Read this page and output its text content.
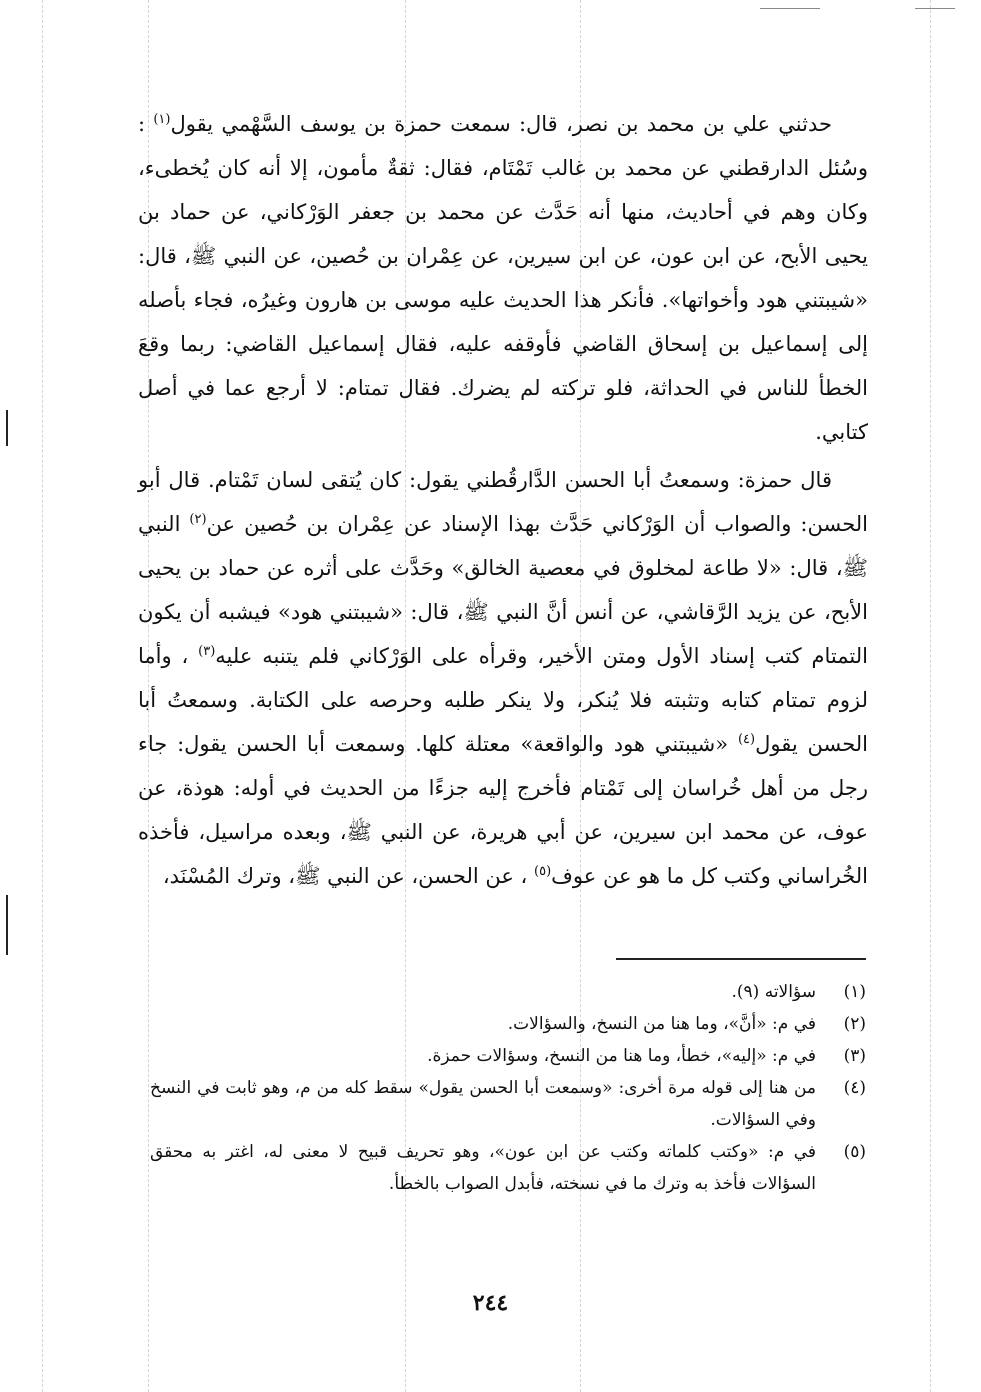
حدثني علي بن محمد بن نصر، قال: سمعت حمزة بن يوسف السَّهْمي يقول$^{(١)}$ : وسُئل الدارقطني عن محمد بن غالب تَمْتَام، فقال: ثقةٌ مأمون، إلا أنه كان يُخطىء، وكان وهم في أحاديث، منها أنه حَدَّث عن محمد بن جعفر الوَرْكاني، عن حماد بن يحيى الأبح، عن ابن عون، عن ابن سيرين، عن عِمْران بن حُصين، عن النبي ﷺ، قال: «شيبتني هود وأخواتها». فأنكر هذا الحديث عليه موسى بن هارون وغيرُه، فجاء بأصله إلى إسماعيل بن إسحاق القاضي فأوقفه عليه، فقال إسماعيل القاضي: ربما وقعَ الخطأ للناس في الحداثة، فلو تركته لم يضرك. فقال تمتام: لا أرجع عما في أصل كتابي.

قال حمزة: وسمعتُ أبا الحسن الدَّارقُطني يقول: كان يُتقى لسان تَمْتام. قال أبو الحسن: والصواب أن الوَرْكاني حَدَّث بهذا الإسناد عن عِمْران بن حُصين عن$^{(٢)}$ النبي ﷺ، قال: «لا طاعة لمخلوق في معصية الخالق» وحَدَّث على أثره عن حماد بن يحيى الأبح، عن يزيد الرَّقاشي، عن أنس أنَّ النبي ﷺ، قال: «شيبتني هود» فيشبه أن يكون التمتام كتب إسناد الأول ومتن الأخير، وقرأه على الوَرْكاني فلم يتنبه عليه$^{(٣)}$ ، وأما لزوم تمتام كتابه وتثبته فلا يُنكر، ولا ينكر طلبه وحرصه على الكتابة. وسمعتُ أبا الحسن يقول$^{(٤)}$ «شيبتني هود والواقعة» معتلة كلها. وسمعت أبا الحسن يقول: جاء رجل من أهل خُراسان إلى تَمْتام فأخرج إليه جزءًا من الحديث في أوله: هوذة، عن عوف، عن محمد ابن سيرين، عن أبي هريرة، عن النبي ﷺ، وبعده مراسيل، فأخذه الخُراساني وكتب كل ما هو عن عوف$^{(٥)}$ ، عن الحسن، عن النبي ﷺ، وترك المُسْنَد،

(١)
سؤالاته (٩).
(٢)
في م: «أنَّ»، وما هنا من النسخ، والسؤالات.
(٣)
في م: «إليه»، خطأ، وما هنا من النسخ، وسؤالات حمزة.
(٤)
من هنا إلى قوله مرة أخرى: «وسمعت أبا الحسن يقول» سقط كله من م، وهو ثابت في النسخ وفي السؤالات.
(٥)
في م: «وكتب كلماته وكتب عن ابن عون»، وهو تحريف قبيح لا معنى له، اغتر به محقق السؤالات فأخذ به وترك ما في نسخته، فأبدل الصواب بالخطأ.
٢٤٤
